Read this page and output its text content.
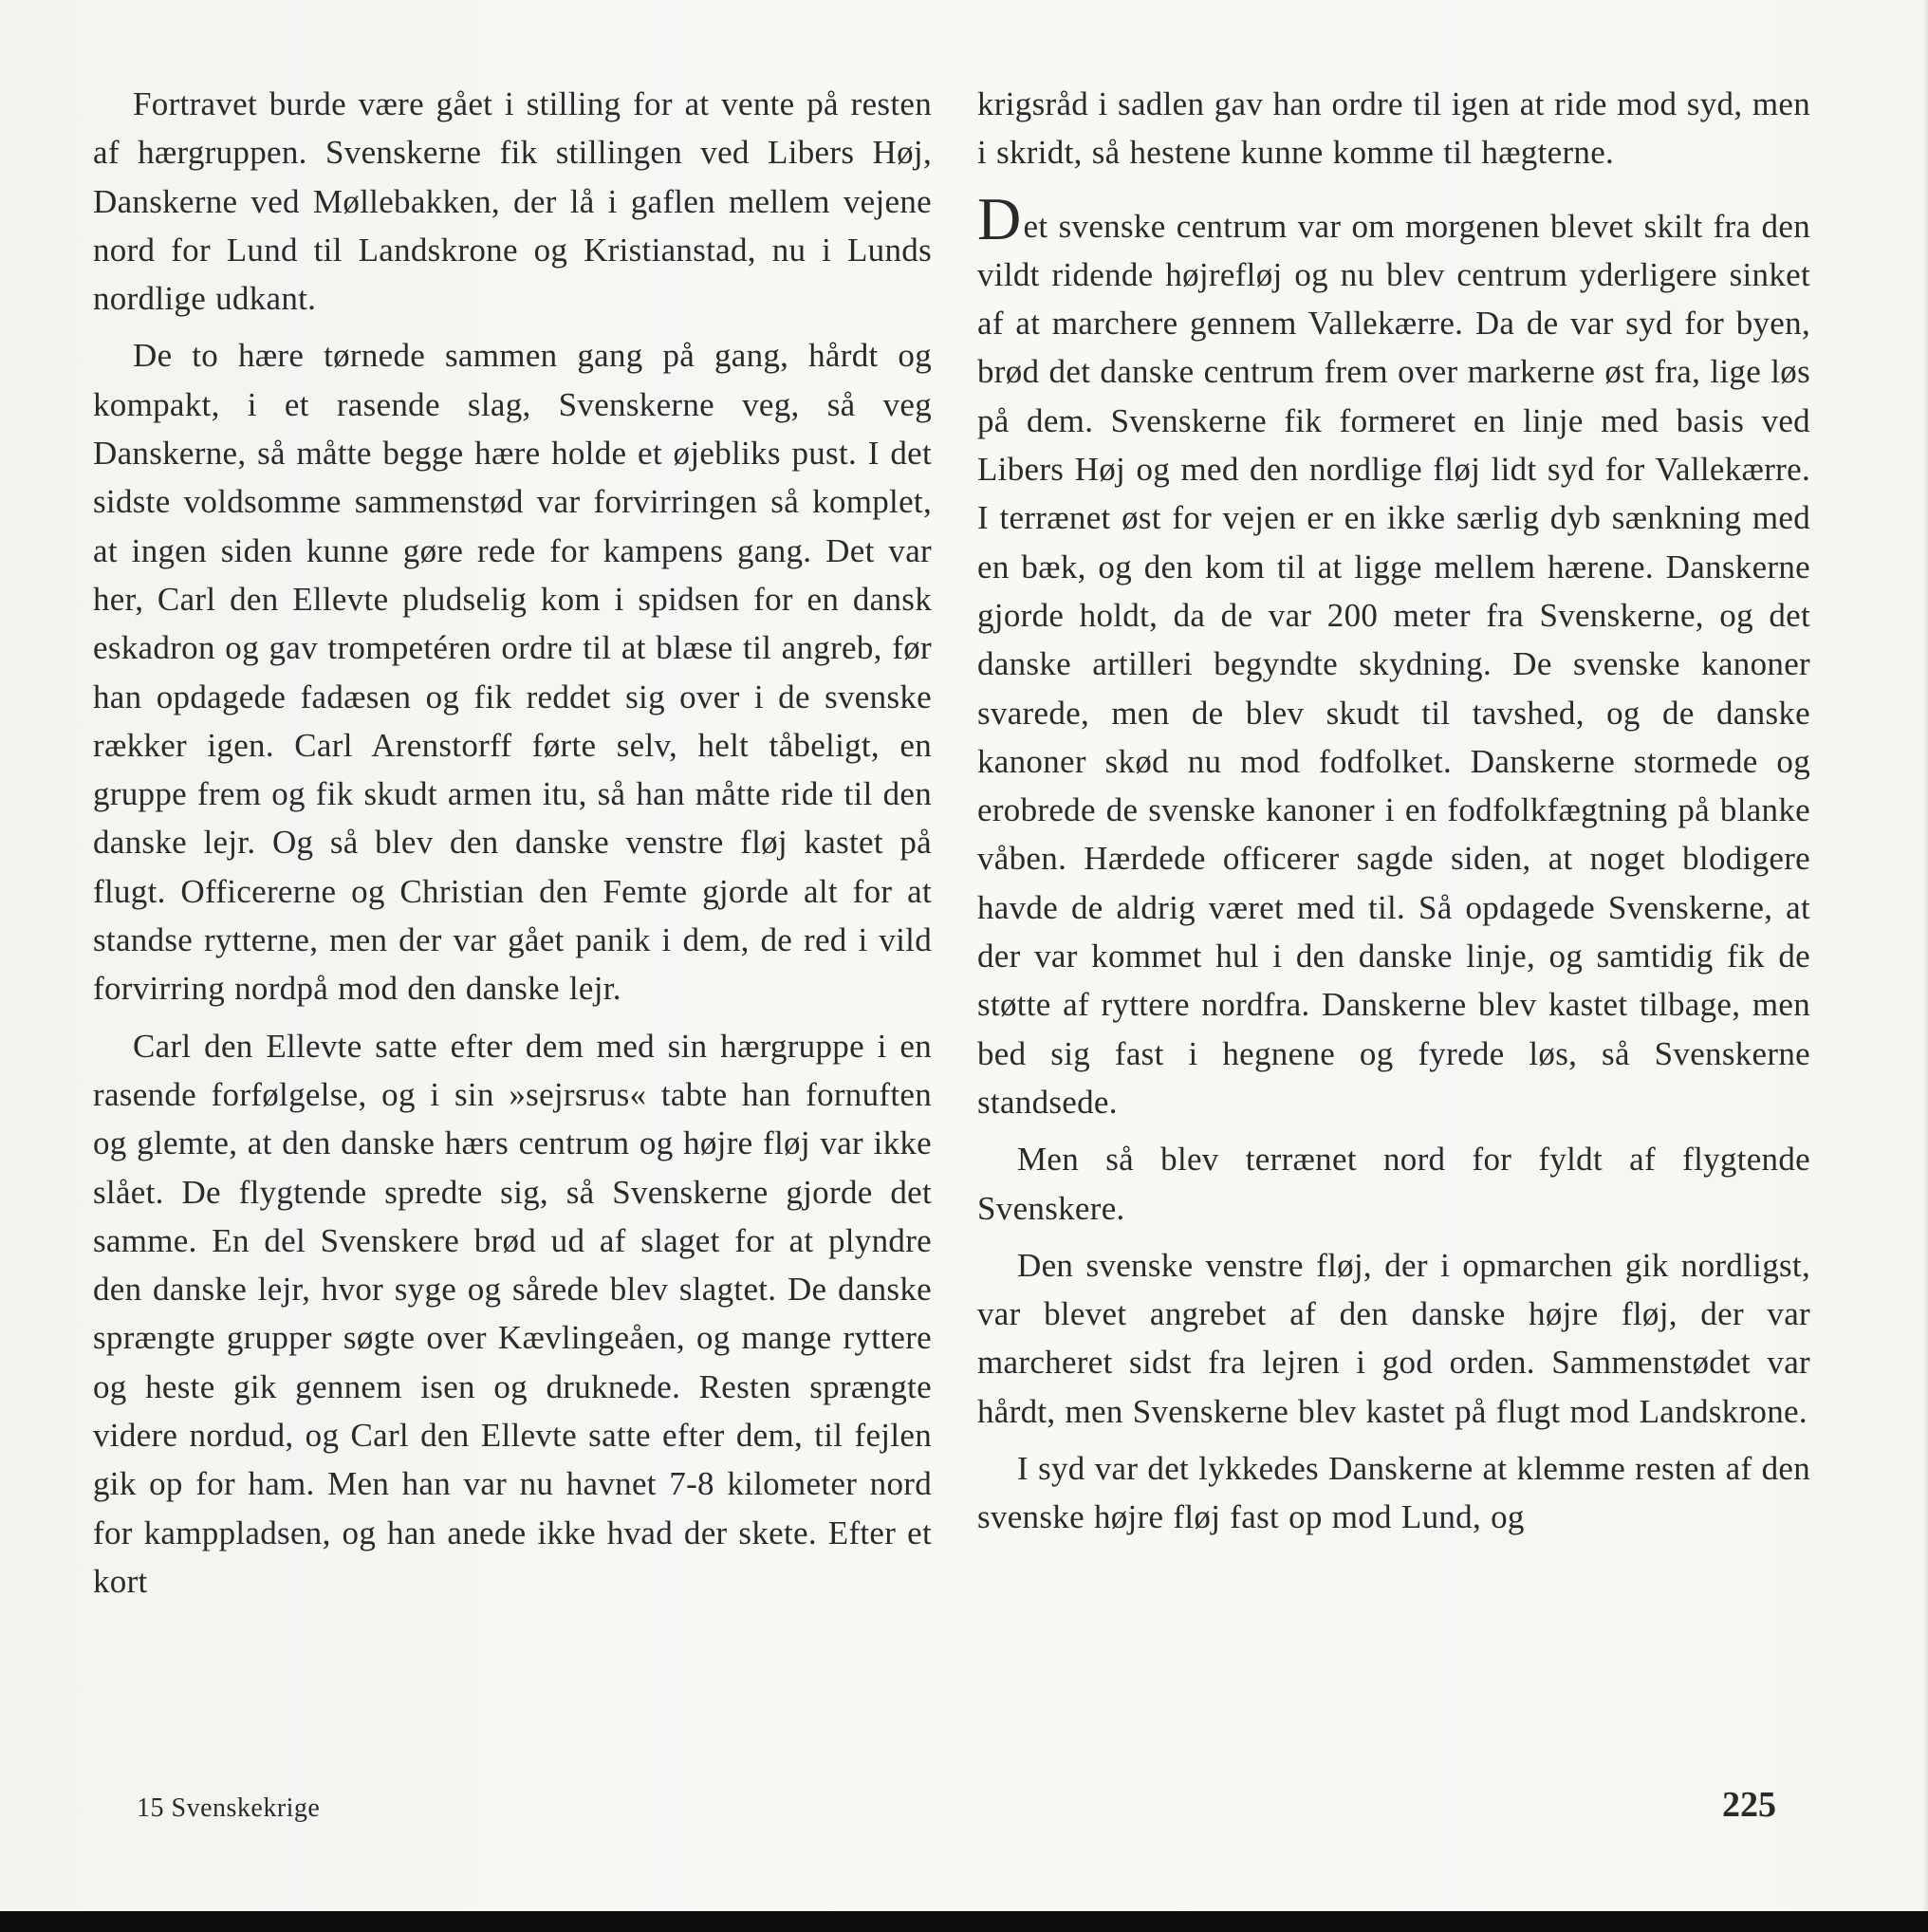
Fortravet burde være gået i stilling for at vente på resten af hærgruppen. Svenskerne fik stillingen ved Libers Høj, Danskerne ved Møllebakken, der lå i gaflen mellem vejene nord for Lund til Landskrone og Kristianstad, nu i Lunds nordlige udkant.

De to hære tørnede sammen gang på gang, hårdt og kompakt, i et rasende slag, Svenskerne veg, så veg Danskerne, så måtte begge hære holde et øjebliks pust. I det sidste voldsomme sammenstød var forvirringen så komplet, at ingen siden kunne gøre rede for kampens gang. Det var her, Carl den Ellevte pludselig kom i spidsen for en dansk eskadron og gav trompetéren ordre til at blæse til angreb, før han opdagede fadæsen og fik reddet sig over i de svenske rækker igen. Carl Arenstorff førte selv, helt tåbeligt, en gruppe frem og fik skudt armen itu, så han måtte ride til den danske lejr. Og så blev den danske venstre fløj kastet på flugt. Officererne og Christian den Femte gjorde alt for at standse rytterne, men der var gået panik i dem, de red i vild forvirring nordpå mod den danske lejr.

Carl den Ellevte satte efter dem med sin hærgruppe i en rasende forfølgelse, og i sin »sejrsrus« tabte han fornuften og glemte, at den danske hærs centrum og højre fløj var ikke slået. De flygtende spredte sig, så Svenskerne gjorde det samme. En del Svenskere brød ud af slaget for at plyndre den danske lejr, hvor syge og sårede blev slagtet. De danske sprængte grupper søgte over Kævlingeåen, og mange ryttere og heste gik gennem isen og druknede. Resten sprængte videre nordud, og Carl den Ellevte satte efter dem, til fejlen gik op for ham. Men han var nu havnet 7-8 kilometer nord for kamppladsen, og han anede ikke hvad der skete. Efter et kort

krigsråd i sadlen gav han ordre til igen at ride mod syd, men i skridt, så hestene kunne komme til hægterne.

Det svenske centrum var om morgenen blevet skilt fra den vildt ridende højrefløj og nu blev centrum yderligere sinket af at marchere gennem Vallekærre. Da de var syd for byen, brød det danske centrum frem over markerne øst fra, lige løs på dem. Svenskerne fik formeret en linje med basis ved Libers Høj og med den nordlige fløj lidt syd for Vallekærre. I terrænet øst for vejen er en ikke særlig dyb sænkning med en bæk, og den kom til at ligge mellem hærene. Danskerne gjorde holdt, da de var 200 meter fra Svenskerne, og det danske artilleri begyndte skydning. De svenske kanoner svarede, men de blev skudt til tavshed, og de danske kanoner skød nu mod fodfolket. Danskerne stormede og erobrede de svenske kanoner i en fodfolkfægtning på blanke våben. Hærdede officerer sagde siden, at noget blodigere havde de aldrig været med til. Så opdagede Svenskerne, at der var kommet hul i den danske linje, og samtidig fik de støtte af ryttere nordfra. Danskerne blev kastet tilbage, men bed sig fast i hegnene og fyrede løs, så Svenskerne standsede.

Men så blev terrænet nord for fyldt af flygtende Svenskere.

Den svenske venstre fløj, der i opmarchen gik nordligst, var blevet angrebet af den danske højre fløj, der var marcheret sidst fra lejren i god orden. Sammenstødet var hårdt, men Svenskerne blev kastet på flugt mod Landskrone.

I syd var det lykkedes Danskerne at klemme resten af den svenske højre fløj fast op mod Lund, og

15 Svenskekrige	225
